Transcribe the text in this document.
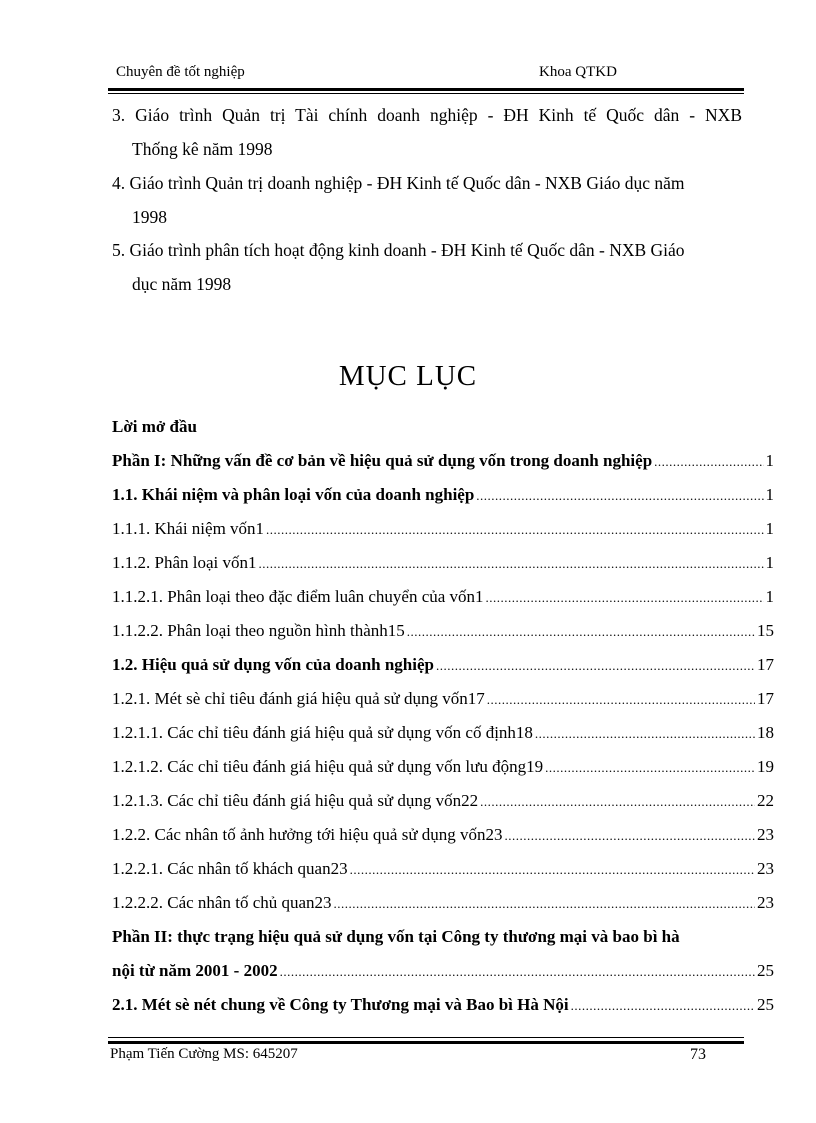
Chuyên đề tốt nghiệp	Khoa QTKD
3. Giáo trình Quản trị Tài chính doanh nghiệp - ĐH Kinh tế Quốc dân - NXB
Thống kê năm 1998
4. Giáo trình Quản trị doanh nghiệp - ĐH Kinh tế Quốc dân - NXB Giáo dục năm
1998
5. Giáo trình phân tích hoạt động kinh doanh - ĐH Kinh tế Quốc dân - NXB Giáo
dục năm 1998
MỤC LỤC
Lời mở đầu
Phần I: Những vấn đề cơ bản về hiệu quả sử dụng vốn trong doanh nghiệp .....	1
1.1. Khái niệm và phân loại vốn của doanh nghiệp .....	1
1.1.1. Khái niệm vốn1 .....	1
1.1.2. Phân loại vốn1 .....	1
1.1.2.1. Phân loại theo đặc điểm luân chuyển của vốn1 .....	1
1.1.2.2. Phân loại theo nguồn hình thành15 .....	15
1.2. Hiệu quả sử dụng vốn của doanh nghiệp .....	17
1.2.1. Mét sè chỉ tiêu đánh giá hiệu quả sử dụng vốn17 .....	17
1.2.1.1. Các chỉ tiêu đánh giá hiệu quả sử dụng vốn cố định18 .....	18
1.2.1.2. Các chỉ tiêu đánh giá hiệu quả sử dụng vốn lưu động19 .....	19
1.2.1.3. Các chỉ tiêu đánh giá hiệu quả sử dụng vốn22 .....	22
1.2.2. Các nhân tố ảnh hưởng tới hiệu quả sử dụng vốn23 .....	23
1.2.2.1. Các nhân tố khách quan23 .....	23
1.2.2.2. Các nhân tố chủ quan23 .....	23
Phần II: thực trạng hiệu quả sử dụng vốn tại Công ty thương mại và bao bì hà
nội từ năm 2001 - 2002 .....	25
2.1. Mét sè nét chung về Công ty Thương mại và Bao bì Hà Nội .....	25
Phạm Tiến Cường MS: 645207	73
